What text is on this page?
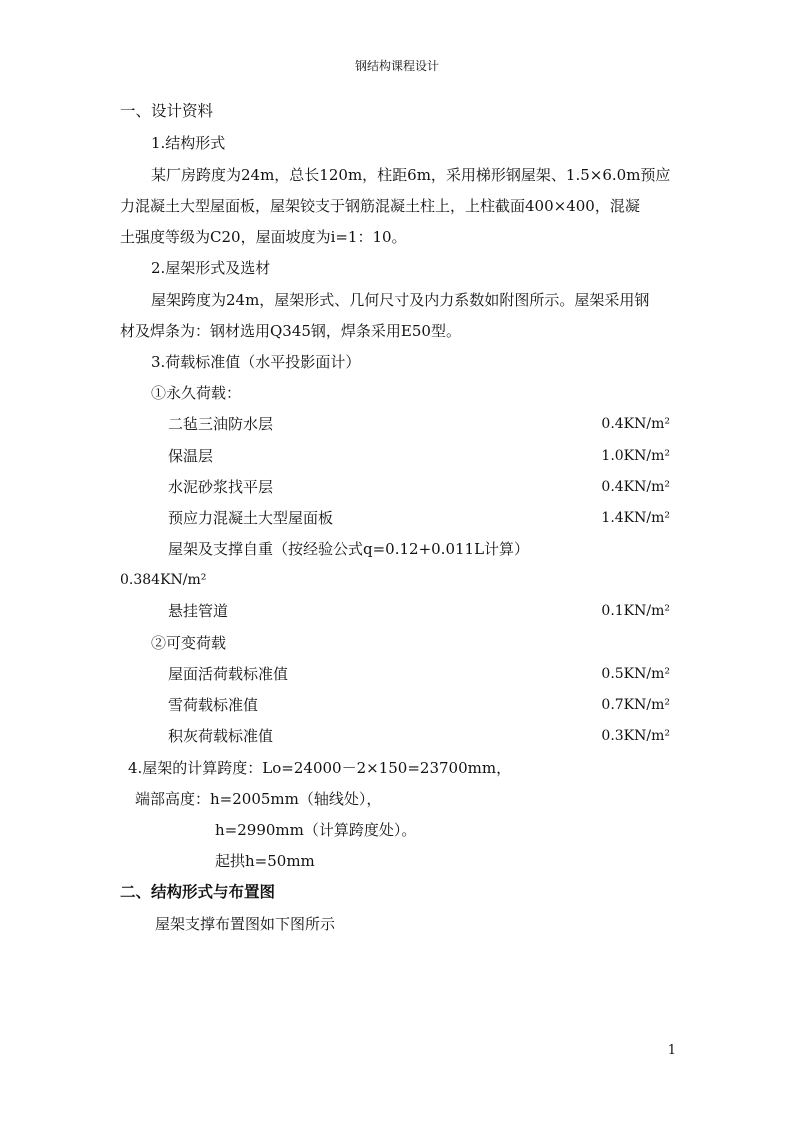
钢结构课程设计
一、设计资料
1.结构形式
某厂房跨度为24m，总长120m，柱距6m，采用梯形钢屋架、1.5×6.0m预应
力混凝土大型屋面板，屋架铰支于钢筋混凝土柱上，上柱截面400×400，混凝
土强度等级为C20，屋面坡度为i=1：10。
2.屋架形式及选材
屋架跨度为24m，屋架形式、几何尺寸及内力系数如附图所示。屋架采用钢
材及焊条为：钢材选用Q345钢，焊条采用E50型。
3.荷载标准值（水平投影面计）
①永久荷载：
二毡三油防水层	0.4KN/m²
保温层	1.0KN/m²
水泥砂浆找平层	0.4KN/m²
预应力混凝土大型屋面板	1.4KN/m²
屋架及支撑自重（按经验公式q=0.12+0.011L计算）
0.384KN/m²
悬挂管道	0.1KN/m²
②可变荷载
屋面活荷载标准值	0.5KN/m²
雪荷载标准值	0.7KN/m²
积灰荷载标准值	0.3KN/m²
4.屋架的计算跨度：Lo=24000－2×150=23700mm，
端部高度：h=2005mm（轴线处），
h=2990mm（计算跨度处）。
起拱h=50mm
二、结构形式与布置图
屋架支撑布置图如下图所示
1
